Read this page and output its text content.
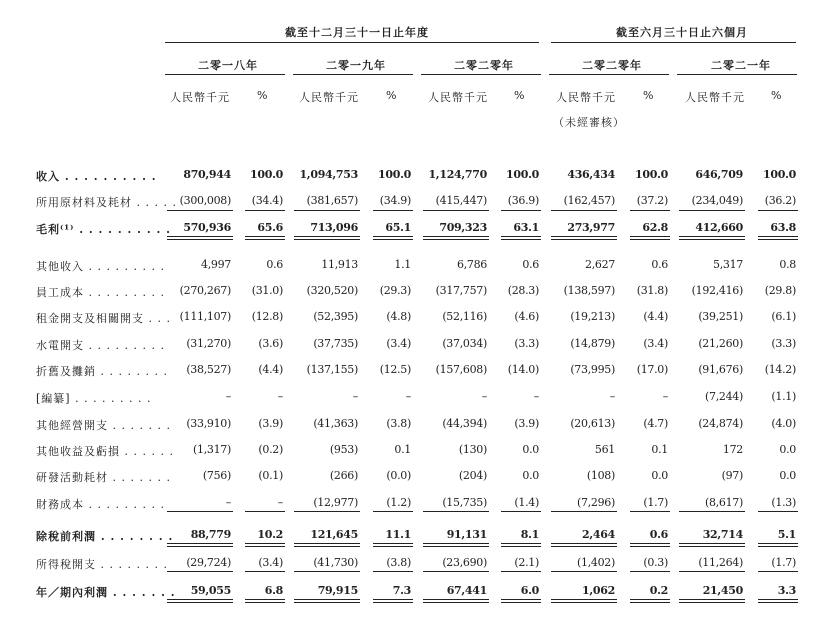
截至十二月三十一日止年度	截至六月三十日止六個月
二零一八年	二零一九年	二零二零年	二零二零年	二零二一年
人民幣千元 %	人民幣千元 %	人民幣千元 %	人民幣千元 %	人民幣千元 %
（未經審核）
收入 . . . . . . . . . .	870,944	100.0	1,094,753	100.0	1,124,770	100.0	436,434	100.0	646,709	100.0
所用原材料及耗材 . . . . . (300,008)	(34.4)	(381,657)	(34.9)	(415,447)	(36.9)	(162,457)	(37.2)	(234,049)	(36.2)
毛利⁽¹⁾ . . . . . . . . . .	570,936	65.6	713,096	65.1	709,323	63.1	273,977	62.8	412,660	63.8
其他收入 . . . . . . . . .	4,997	0.6	11,913	1.1	6,786	0.6	2,627	0.6	5,317	0.8
員工成本 . . . . . . . . .	(270,267)	(31.0)	(320,520)	(29.3)	(317,757)	(28.3)	(138,597)	(31.8)	(192,416)	(29.8)
租金開支及相關開支 . . . (111,107)	(12.8)	(52,395)	(4.8)	(52,116)	(4.6)	(19,213)	(4.4)	(39,251)	(6.1)
水電開支 . . . . . . . . .	(31,270)	(3.6)	(37,735)	(3.4)	(37,034)	(3.3)	(14,879)	(3.4)	(21,260)	(3.3)
折舊及攤銷 . . . . . . . .	(38,527)	(4.4)	(137,155)	(12.5)	(157,608)	(14.0)	(73,995)	(17.0)	(91,676)	(14.2)
[編纂] . . . . . . . . .	–	–	–	–	–	–	–	–	(7,244)	(1.1)
其他經營開支 . . . . . . .	(33,910)	(3.9)	(41,363)	(3.8)	(44,394)	(3.9)	(20,613)	(4.7)	(24,874)	(4.0)
其他收益及虧損 . . . . . .	(1,317)	(0.2)	(953)	0.1	(130)	0.0	561	0.1	172	0.0
研發活動耗材 . . . . . . .	(756)	(0.1)	(266)	(0.0)	(204)	0.0	(108)	0.0	(97)	0.0
財務成本 . . . . . . . . .	–	–	(12,977)	(1.2)	(15,735)	(1.4)	(7,296)	(1.7)	(8,617)	(1.3)
除稅前利潤 . . . . . . . .	88,779	10.2	121,645	11.1	91,131	8.1	2,464	0.6	32,714	5.1
所得稅開支 . . . . . . . .	(29,724)	(3.4)	(41,730)	(3.8)	(23,690)	(2.1)	(1,402)	(0.3)	(11,264)	(1.7)
年／期內利潤 . . . . . . .	59,055	6.8	79,915	7.3	67,441	6.0	1,062	0.2	21,450	3.3
